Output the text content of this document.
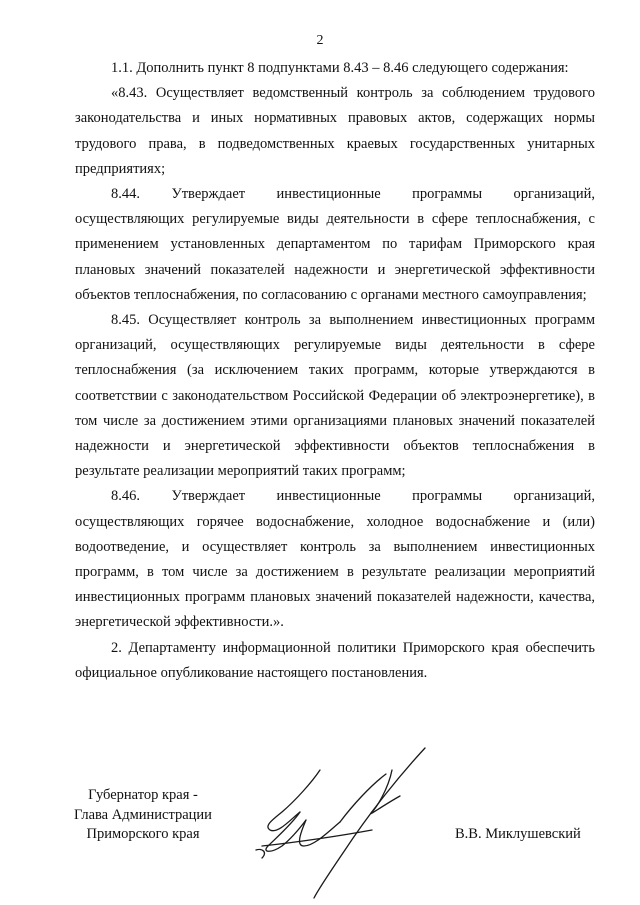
2

1.1. Дополнить пункт 8 подпунктами 8.43 – 8.46 следующего содержания:

«8.43. Осуществляет ведомственный контроль за соблюдением трудового законодательства и иных нормативных правовых актов, содержащих нормы трудового права, в подведомственных краевых государственных унитарных предприятиях;

8.44. Утверждает инвестиционные программы организаций, осуществляющих регулируемые виды деятельности в сфере теплоснабжения, с применением установленных департаментом по тарифам Приморского края плановых значений показателей надежности и энергетической эффективности объектов теплоснабжения, по согласованию с органами местного самоуправления;

8.45. Осуществляет контроль за выполнением инвестиционных программ организаций, осуществляющих регулируемые виды деятельности в сфере теплоснабжения (за исключением таких программ, которые утверждаются в соответствии с законодательством Российской Федерации об электроэнергетике), в том числе за достижением этими организациями плановых значений показателей надежности и энергетической эффективности объектов теплоснабжения в результате реализации мероприятий таких программ;

8.46. Утверждает инвестиционные программы организаций, осуществляющих горячее водоснабжение, холодное водоснабжение и (или) водоотведение, и осуществляет контроль за выполнением инвестиционных программ, в том числе за достижением в результате реализации мероприятий инвестиционных программ плановых значений показателей надежности, качества, энергетической эффективности.».

2. Департаменту информационной политики Приморского края обеспечить официальное опубликование настоящего постановления.

Губернатор края -
Глава Администрации
Приморского края	В.В. Миклушевский
